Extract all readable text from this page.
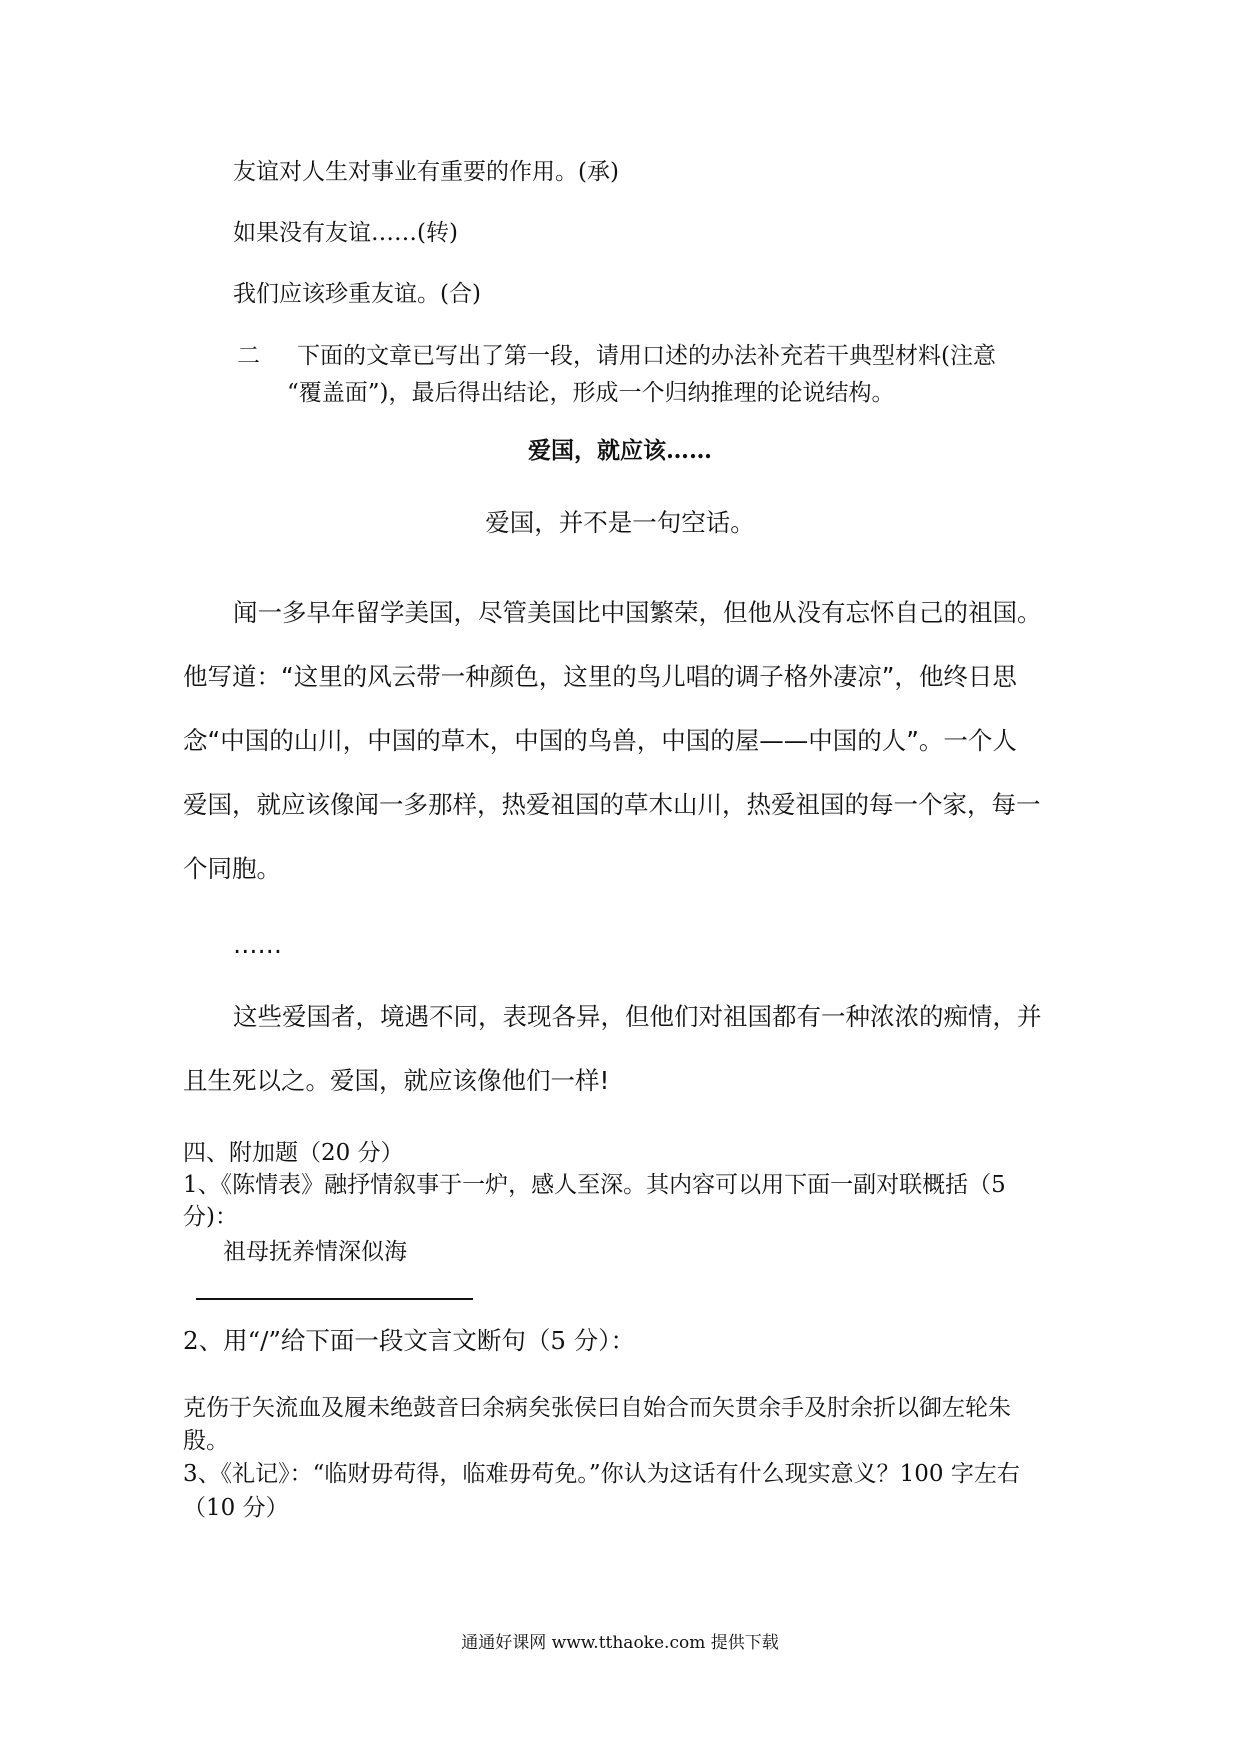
友谊对人生对事业有重要的作用。(承)
如果没有友谊……(转)
我们应该珍重友谊。(合)
二 下面的文章已写出了第一段，请用口述的办法补充若干典型材料(注意
“覆盖面”)，最后得出结论，形成一个归纳推理的论说结构。
爱国，就应该……
爱国，并不是一句空话。
闻一多早年留学美国，尽管美国比中国繁荣，但他从没有忘怀自己的祖国。
他写道：“这里的风云带一种颜色，这里的鸟儿唱的调子格外凄凉”，他终日思
念“中国的山川，中国的草木，中国的鸟兽，中国的屋——中国的人”。一个人
爱国，就应该像闻一多那样，热爱祖国的草木山川，热爱祖国的每一个家，每一
个同胞。
……
这些爱国者，境遇不同，表现各异，但他们对祖国都有一种浓浓的痴情，并
且生死以之。爱国，就应该像他们一样!
四、附加题（20 分）
1、《陈情表》融抒情叙事于一炉，感人至深。其内容可以用下面一副对联概括（5
分)：
祖母抚养情深似海
2、用“/”给下面一段文言文断句（5 分）：
克伤于矢流血及履未绝鼓音曰余病矣张侯曰自始合而矢贯余手及肘余折以御左轮朱
殷。
3、《礼记》：“临财毋苟得，临难毋苟免。”你认为这话有什么现实意义？100 字左右
（10 分）
通通好课网 www.tthaoke.com 提供下载
